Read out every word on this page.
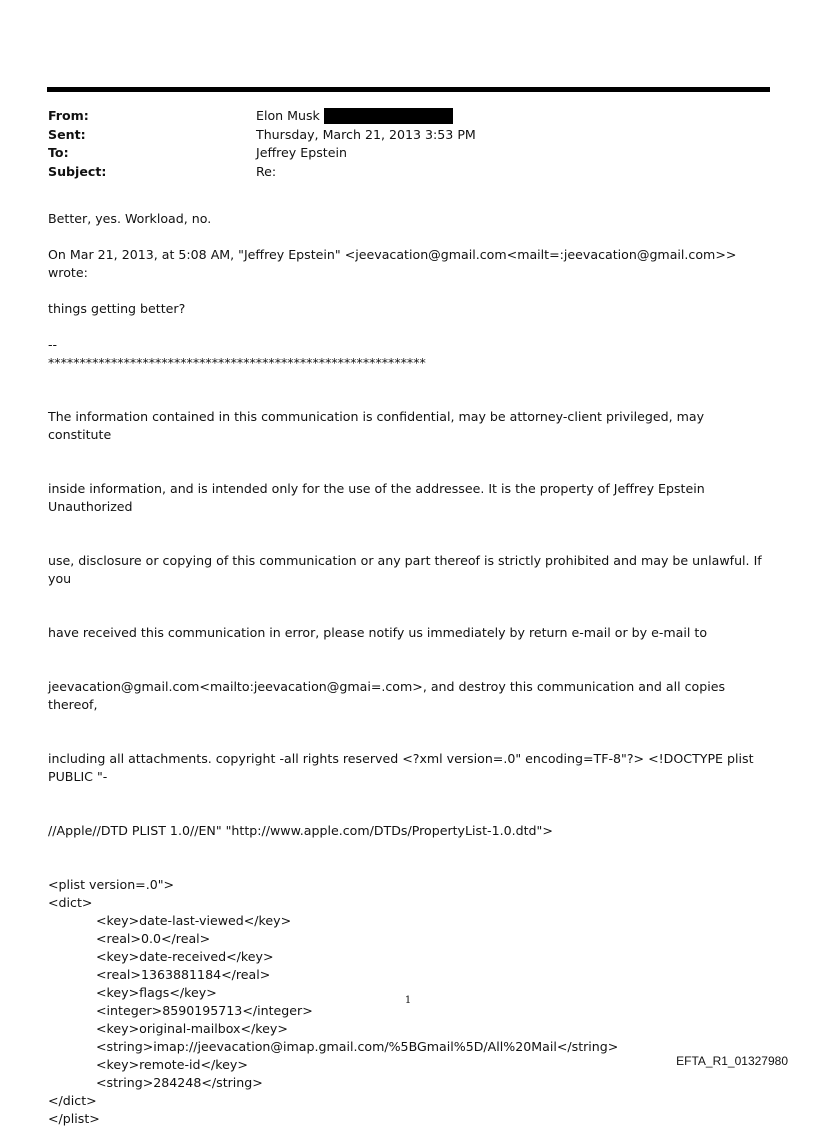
From:	Elon Musk
Sent:	Thursday, March 21, 2013 3:53 PM
To:	Jeffrey Epstein
Subject:	Re:

Better, yes. Workload, no.

On Mar 21, 2013, at 5:08 AM, "Jeffrey Epstein" <jeevacation@gmail.com<mailt=:jeevacation@gmail.com>> wrote:

things getting better?

--

************************************************************

The information contained in this communication is confidential, may be attorney-client privileged, may constitute

inside information, and is intended only for the use of the addressee. It is the property of Jeffrey Epstein Unauthorized

use, disclosure or copying of this communication or any part thereof is strictly prohibited and may be unlawful. If you

have received this communication in error, please notify us immediately by return e-mail or by e-mail to

jeevacation@gmail.com<mailto:jeevacation@gmai=.com>, and destroy this communication and all copies thereof,

including all attachments. copyright -all rights reserved <?xml version=.0" encoding=TF-8"?> <!DOCTYPE plist PUBLIC "-

//Apple//DTD PLIST 1.0//EN" "http://www.apple.com/DTDs/PropertyList-1.0.dtd">

<plist version=.0">
<dict>
<key>date-last-viewed</key>
<real>0.0</real>
<key>date-received</key>
<real>1363881184</real>
<key>flags</key>
<integer>8590195713</integer>
<key>original-mailbox</key>
<string>imap://jeevacation@imap.gmail.com/%5BGmail%5D/All%20Mail</string>
<key>remote-id</key>
<string>284248</string>
</dict>
</plist>
1
EFTA_R1_01327980
